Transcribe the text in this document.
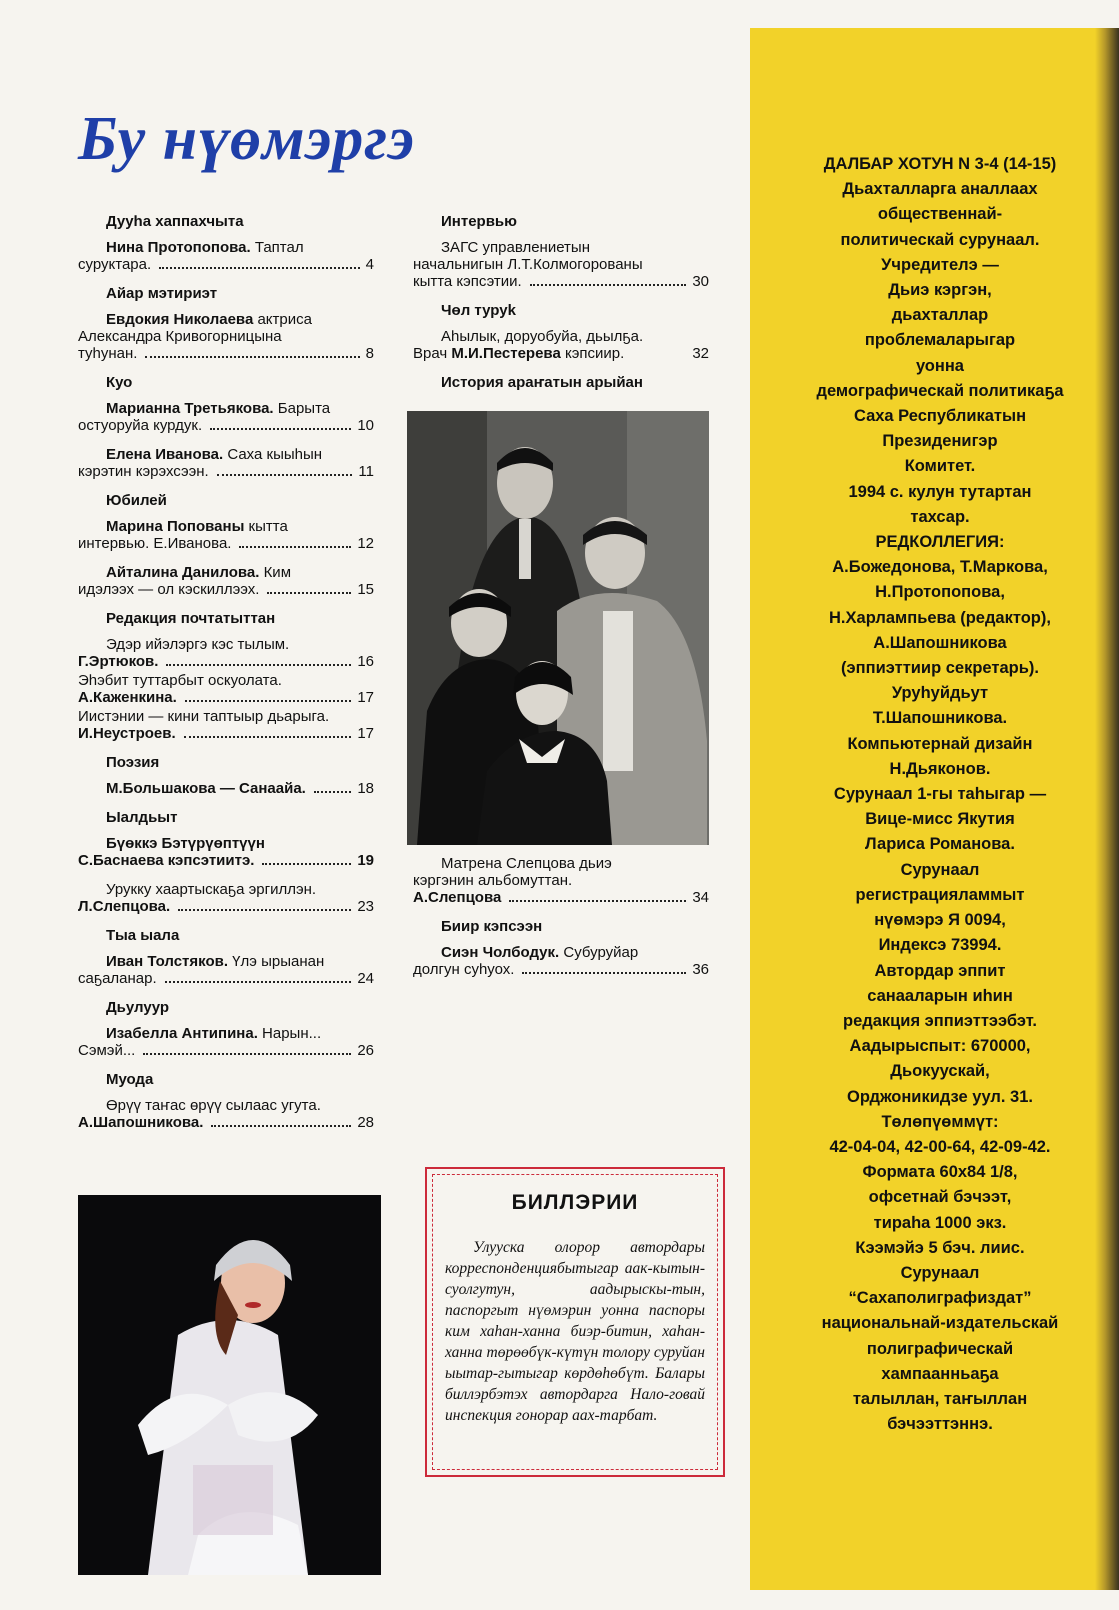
Бу нүөмэргэ
Дууһа хаппахчыта
Нина Протопопова. Таптал
суруктара.	4
Айар мэтириэт
Евдокия Николаева актриса
Александра Кривогорницына
туһунан.	8
Куо
Марианна Третьякова. Барыта
остуоруйа курдук.	10
Елена Иванова. Саха кыыһын
кэрэтин кэрэхсээн.	11
Юбилей
Марина Попованы кытта
интервью. Е.Иванова.	12
Айталина Данилова. Ким
идэлээх — ол кэскиллээх.	15
Редакция почтатыттан
Эдэр ийэлэргэ кэс тылым.
Г.Эртюков.	16
Эһэбит туттарбыт оскуолата.
А.Каженкина.	17
Иистэнии — кини таптыыр дьарыга.
И.Неустроев.	17
Поэзия
М.Большакова — Санаайа.	18
Ыалдьыт
Бүөккэ Бэтүрүөптүүн
С.Баснаева кэпсэтиитэ.	19
Урукку хаартыскаҕа эргиллэн.
Л.Слепцова.	23
Тыа ыала
Иван Толстяков. Үлэ ырыанан
саҕаланар.	24
Дьулуур
Изабелла Антипина. Нарын...
Сэмэй...	26
Муода
Өрүү таҥас өрүү сылаас угута.
А.Шапошникова.	28
Интервью
ЗАГС управлениетын
начальнигын Л.Т.Колмогорованы
кытта кэпсэтии.	30
Чөл туруk
Аһылык, доруобуйа, дьылҕа.
Врач М.И.Пестерева кэпсиир.	32
История араҥатын арыйан
Матрена Слепцова дьиэ
кэргэнин альбомуттан.
А.Слепцова	34
Биир кэпсээн
Сиэн Чолбодук. Субуруйар
долгун суһуох.	36
БИЛЛЭРИИ
Улууска олорор автордары корреспонденциябытыгар аак-кытын-суолгутун, аадырыскы-тын, паспоргыт нүөмэрин уонна паспоры ким хаһан-ханна биэр-битин, хаһан-ханна төрөөбүк-күтүн толору суруйан ыытар-гытыгар көрдөһөбүт. Балары биллэрбэтэх автордарга Нало-говай инспекция гонорар аах-тарбат.
ДАЛБАР ХОТУН N 3-4 (14-15)
Дьахталларга аналлаах
общественнай-
политическай сурунаал.
Учредителэ —
Дьиэ кэргэн,
дьахталлар
проблемаларыгар
уонна
демографическай политикаҕа
Саха Республикатын
Президенигэр
Комитет.
1994 с. кулун тутартан
тахсар.
РЕДКОЛЛЕГИЯ:
А.Божедонова, Т.Маркова,
Н.Протопопова,
Н.Харлампьева (редактор),
А.Шапошникова
(эппиэттиир секретарь).
Уруһуйдьут
Т.Шапошникова.
Компьютернай дизайн
Н.Дьяконов.
Сурунаал 1-гы таһыгар —
Вице-мисс Якутия
Лариса Романова.
Сурунаал
регистрацияламмыт
нүөмэрэ Я 0094,
Индексэ 73994.
Автордар эппит
санааларын иһин
редакция эппиэттээбэт.
Аадырыспыт: 670000,
Дьокуускай,
Орджоникидзе уул. 31.
Төлөпүөммүт:
42-04-04, 42-00-64, 42-09-42.
Формата 60х84 1/8,
офсетнай бэчээт,
тираһа 1000 экз.
Кээмэйэ 5 бэч. лиис.
Сурунаал
“Сахаполиграфиздат”
национальнай-издательскай
полиграфическай
хампаанньаҕа
талыллан, таҥыллан
бэчээттэннэ.
